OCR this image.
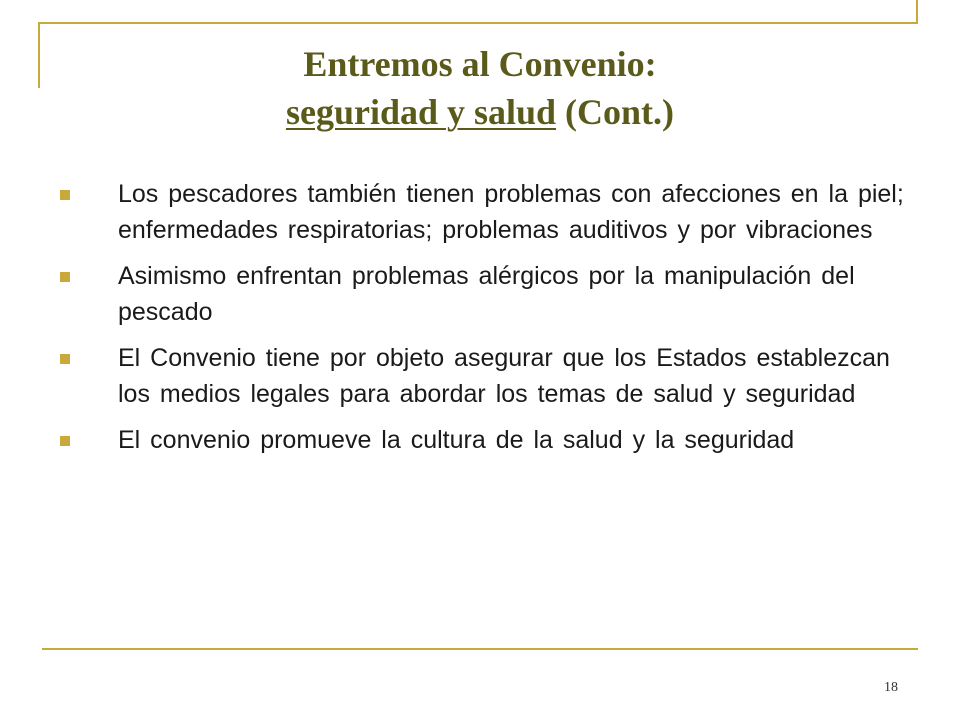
Entremos al Convenio:
seguridad y salud (Cont.)
Los pescadores también tienen problemas con afecciones en la piel; enfermedades respiratorias; problemas auditivos y por vibraciones
Asimismo enfrentan problemas alérgicos por la manipulación del pescado
El Convenio tiene por objeto asegurar que los Estados establezcan los medios legales para abordar los temas de salud y seguridad
El convenio promueve la cultura de la salud y la seguridad
18
